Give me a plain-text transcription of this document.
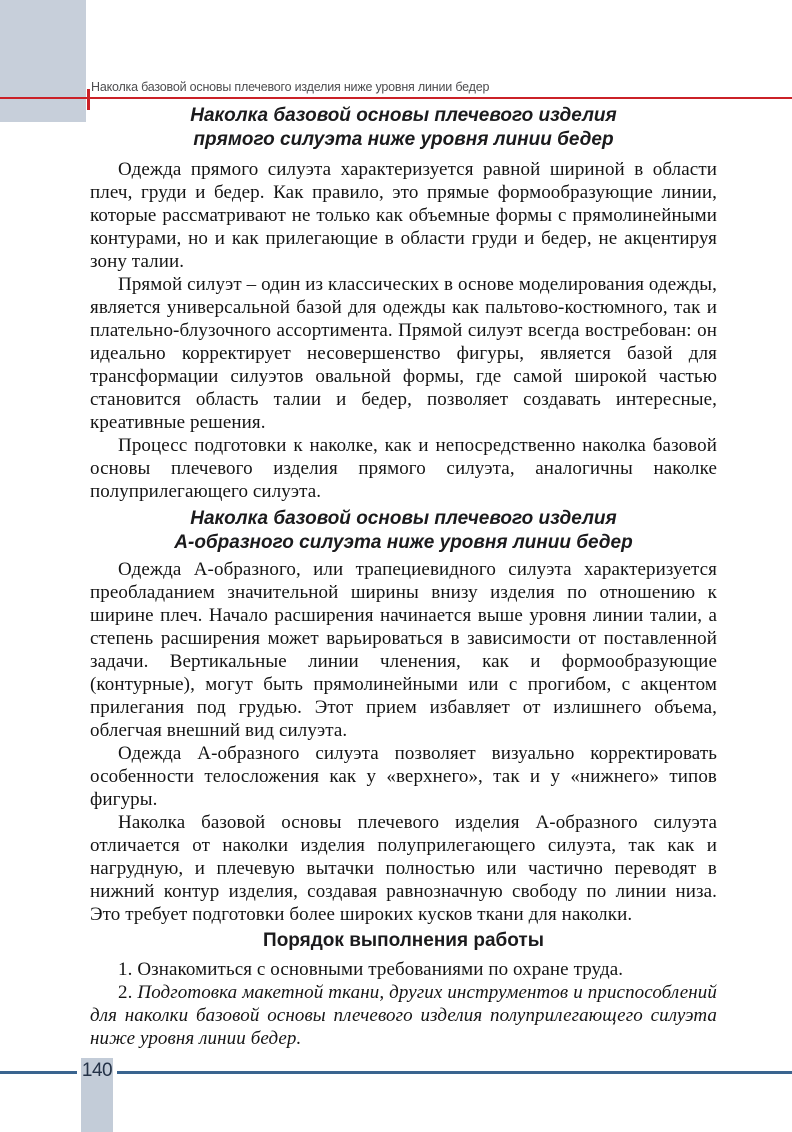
Наколка базовой основы плечевого изделия ниже уровня линии бедер
Наколка базовой основы плечевого изделия
прямого силуэта ниже уровня линии бедер

Одежда прямого силуэта характеризуется равной шириной в области плеч, груди и бедер. Как правило, это прямые формообразующие линии, которые рассматривают не только как объемные формы с прямолинейными контурами, но и как прилегающие в области груди и бедер, не акцентируя зону талии.

Прямой силуэт – один из классических в основе моделирования одежды, является универсальной базой для одежды как пальтово-костюмного, так и плательно-блузочного ассортимента. Прямой силуэт всегда востребован: он идеально корректирует несовершенство фигуры, является базой для трансформации силуэтов овальной формы, где самой широкой частью становится область талии и бедер, позволяет создавать интересные, креативные решения.

Процесс подготовки к наколке, как и непосредственно наколка базовой основы плечевого изделия прямого силуэта, аналогичны наколке полуприлегающего силуэта.

Наколка базовой основы плечевого изделия
А-образного силуэта ниже уровня линии бедер

Одежда А-образного, или трапециевидного силуэта характеризуется преобладанием значительной ширины внизу изделия по отношению к ширине плеч. Начало расширения начинается выше уровня линии талии, а степень расширения может варьироваться в зависимости от поставленной задачи. Вертикальные линии членения, как и формообразующие (контурные), могут быть прямолинейными или с прогибом, с акцентом прилегания под грудью. Этот прием избавляет от излишнего объема, облегчая внешний вид силуэта.

Одежда А-образного силуэта позволяет визуально корректировать особенности телосложения как у «верхнего», так и у «нижнего» типов фигуры.

Наколка базовой основы плечевого изделия А-образного силуэта отличается от наколки изделия полуприлегающего силуэта, так как и нагрудную, и плечевую вытачки полностью или частично переводят в нижний контур изделия, создавая равнозначную свободу по линии низа. Это требует подготовки более широких кусков ткани для наколки.

Порядок выполнения работы

1. Ознакомиться с основными требованиями по охране труда.

2. Подготовка макетной ткани, других инструментов и приспособлений для наколки базовой основы плечевого изделия полуприлегающего силуэта ниже уровня линии бедер.

140
